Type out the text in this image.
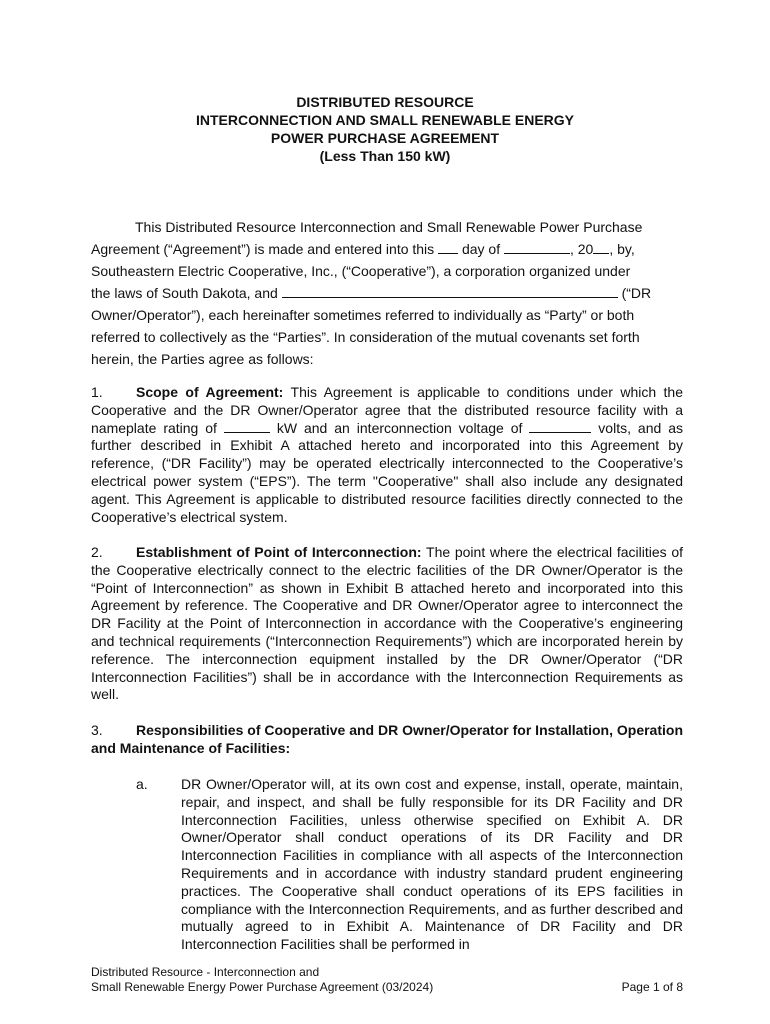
DISTRIBUTED RESOURCE
INTERCONNECTION AND SMALL RENEWABLE ENERGY
POWER PURCHASE AGREEMENT
(Less Than 150 kW)
This Distributed Resource Interconnection and Small Renewable Power Purchase
Agreement (“Agreement”) is made and entered into this day of	, 20 , by,
Southeastern Electric Cooperative, Inc., (“Cooperative”), a corporation organized under
the laws of South Dakota, and	(“DR
Owner/Operator”), each hereinafter sometimes referred to individually as “Party” or both
referred to collectively as the “Parties”. In consideration of the mutual covenants set forth
herein, the Parties agree as follows:
1. Scope of Agreement: This Agreement is applicable to conditions under which the Cooperative and the DR Owner/Operator agree that the distributed resource facility with a nameplate rating of	kW and an interconnection voltage of	volts, and as further described in Exhibit A attached hereto and incorporated into this Agreement by reference, (“DR Facility”) may be operated electrically interconnected to the Cooperative’s electrical power system (“EPS”). The term "Cooperative" shall also include any designated agent. This Agreement is applicable to distributed resource facilities directly connected to the Cooperative’s electrical system.
2. Establishment of Point of Interconnection: The point where the electrical facilities of the Cooperative electrically connect to the electric facilities of the DR Owner/Operator is the “Point of Interconnection” as shown in Exhibit B attached hereto and incorporated into this Agreement by reference. The Cooperative and DR Owner/Operator agree to interconnect the DR Facility at the Point of Interconnection in accordance with the Cooperative’s engineering and technical requirements (“Interconnection Requirements”) which are incorporated herein by reference. The interconnection equipment installed by the DR Owner/Operator (“DR Interconnection Facilities”) shall be in accordance with the Interconnection Requirements as well.
3. Responsibilities of Cooperative and DR Owner/Operator for Installation, Operation and Maintenance of Facilities:
a. DR Owner/Operator will, at its own cost and expense, install, operate, maintain, repair, and inspect, and shall be fully responsible for its DR Facility and DR Interconnection Facilities, unless otherwise specified on Exhibit A. DR Owner/Operator shall conduct operations of its DR Facility and DR Interconnection Facilities in compliance with all aspects of the Interconnection Requirements and in accordance with industry standard prudent engineering practices. The Cooperative shall conduct operations of its EPS facilities in compliance with the Interconnection Requirements, and as further described and mutually agreed to in Exhibit A. Maintenance of DR Facility and DR Interconnection Facilities shall be performed in
Distributed Resource - Interconnection and
Small Renewable Energy Power Purchase Agreement (03/2024)	Page 1 of 8
